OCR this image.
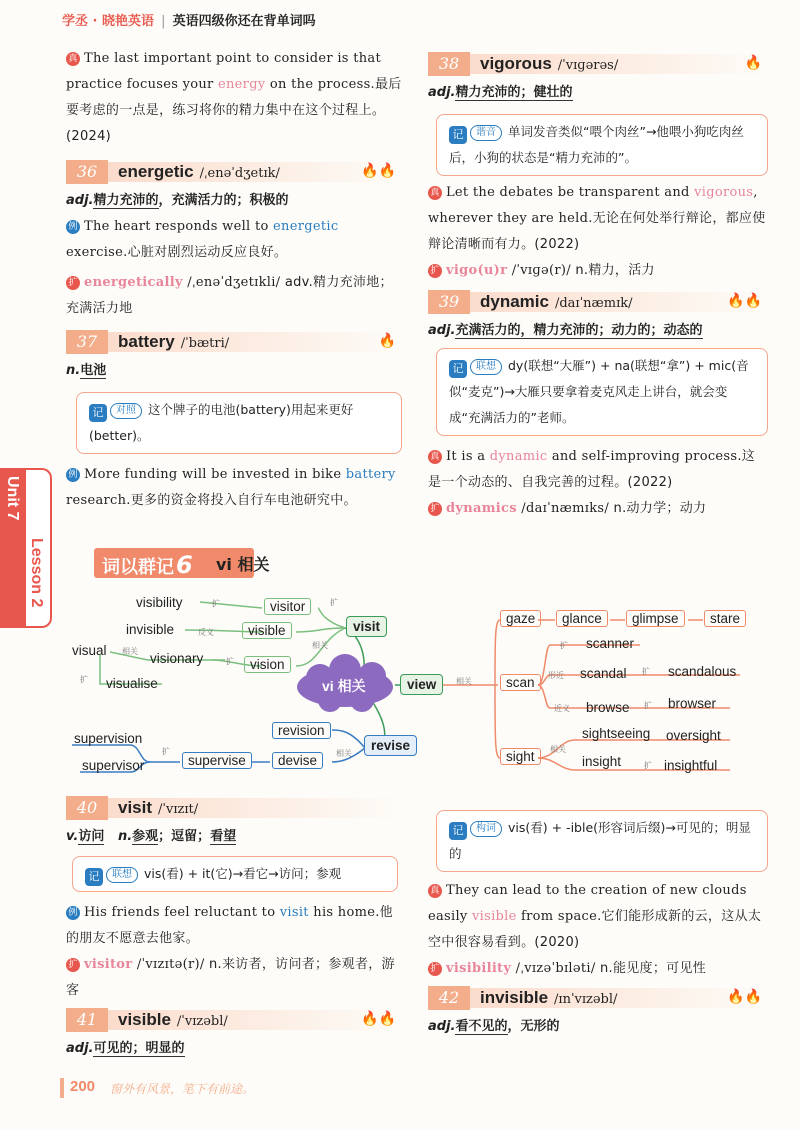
学丞 · 晓艳英语 | 英语四级你还在背单词吗
Unit 7
Lesson 2
真 The last important point to consider is that practice focuses your energy on the process.最后要考虑的一点是，练习将你的精力集中在这个过程上。(2024)
36	energetic /ˌenəˈdʒetɪk/	🔥🔥
adj.精力充沛的，充满活力的；积极的
例 The heart responds well to energetic exercise.心脏对剧烈运动反应良好。
扩 energetically /ˌenəˈdʒetɪkli/ adv.精力充沛地；充满活力地
37	battery /ˈbætri/	🔥
n.电池
记 对照 这个牌子的电池(battery)用起来更好(better)。
例 More funding will be invested in bike battery research.更多的资金将投入自行车电池研究中。
38	vigorous /ˈvɪɡərəs/	🔥
adj.精力充沛的；健壮的
记 谐音 单词发音类似“喂个肉丝”→他喂小狗吃肉丝后，小狗的状态是“精力充沛的”。
真 Let the debates be transparent and vigorous, wherever they are held.无论在何处举行辩论，都应使辩论清晰而有力。(2022)
扩 vigo(u)r /ˈvɪɡə(r)/ n.精力，活力
39	dynamic /daɪˈnæmɪk/	🔥🔥
adj.充满活力的，精力充沛的；动力的；动态的
记 联想 dy(联想“大雁”) + na(联想“拿”) + mic(音似“麦克”)→大雁只要拿着麦克风走上讲台，就会变成“充满活力的”老师。
真 It is a dynamic and self-improving process.这是一个动态的、自我完善的过程。(2022)
扩 dynamics /daɪˈnæmɪks/ n.动力学；动力
词以群记6 vi 相关
vi 相关
visit
view
revise
visitor
visible
vision
visibility
invisible
visual
visionary
visualise
gaze	glance	glimpse	stare
scan
scanner
scandal	scandalous
browse	browser
sight
sightseeing oversight
insight	insightful
revision
devise
supervise
supervision
supervisor
扩
反义
扩
相关
扩
扩
相关
相关
扩
形近	扩
近义	扩
相关
扩
相关
扩
40	visit /ˈvɪzɪt/
v.访问 n.参观；逗留；看望
记 联想 vis(看) + it(它)→看它→访问；参观
例 His friends feel reluctant to visit his home.他的朋友不愿意去他家。
扩 visitor /ˈvɪzɪtə(r)/ n.来访者，访问者；参观者，游客
41	visible /ˈvɪzəbl/	🔥🔥
adj.可见的；明显的
记 构词 vis(看) + -ible(形容词后缀)→可见的；明显的
真 They can lead to the creation of new clouds easily visible from space.它们能形成新的云，这从太空中很容易看到。(2020)
扩 visibility /ˌvɪzəˈbɪləti/ n.能见度；可见性
42	invisible /ɪnˈvɪzəbl/	🔥🔥
adj.看不见的，无形的
200 窗外有风景，笔下有前途。
